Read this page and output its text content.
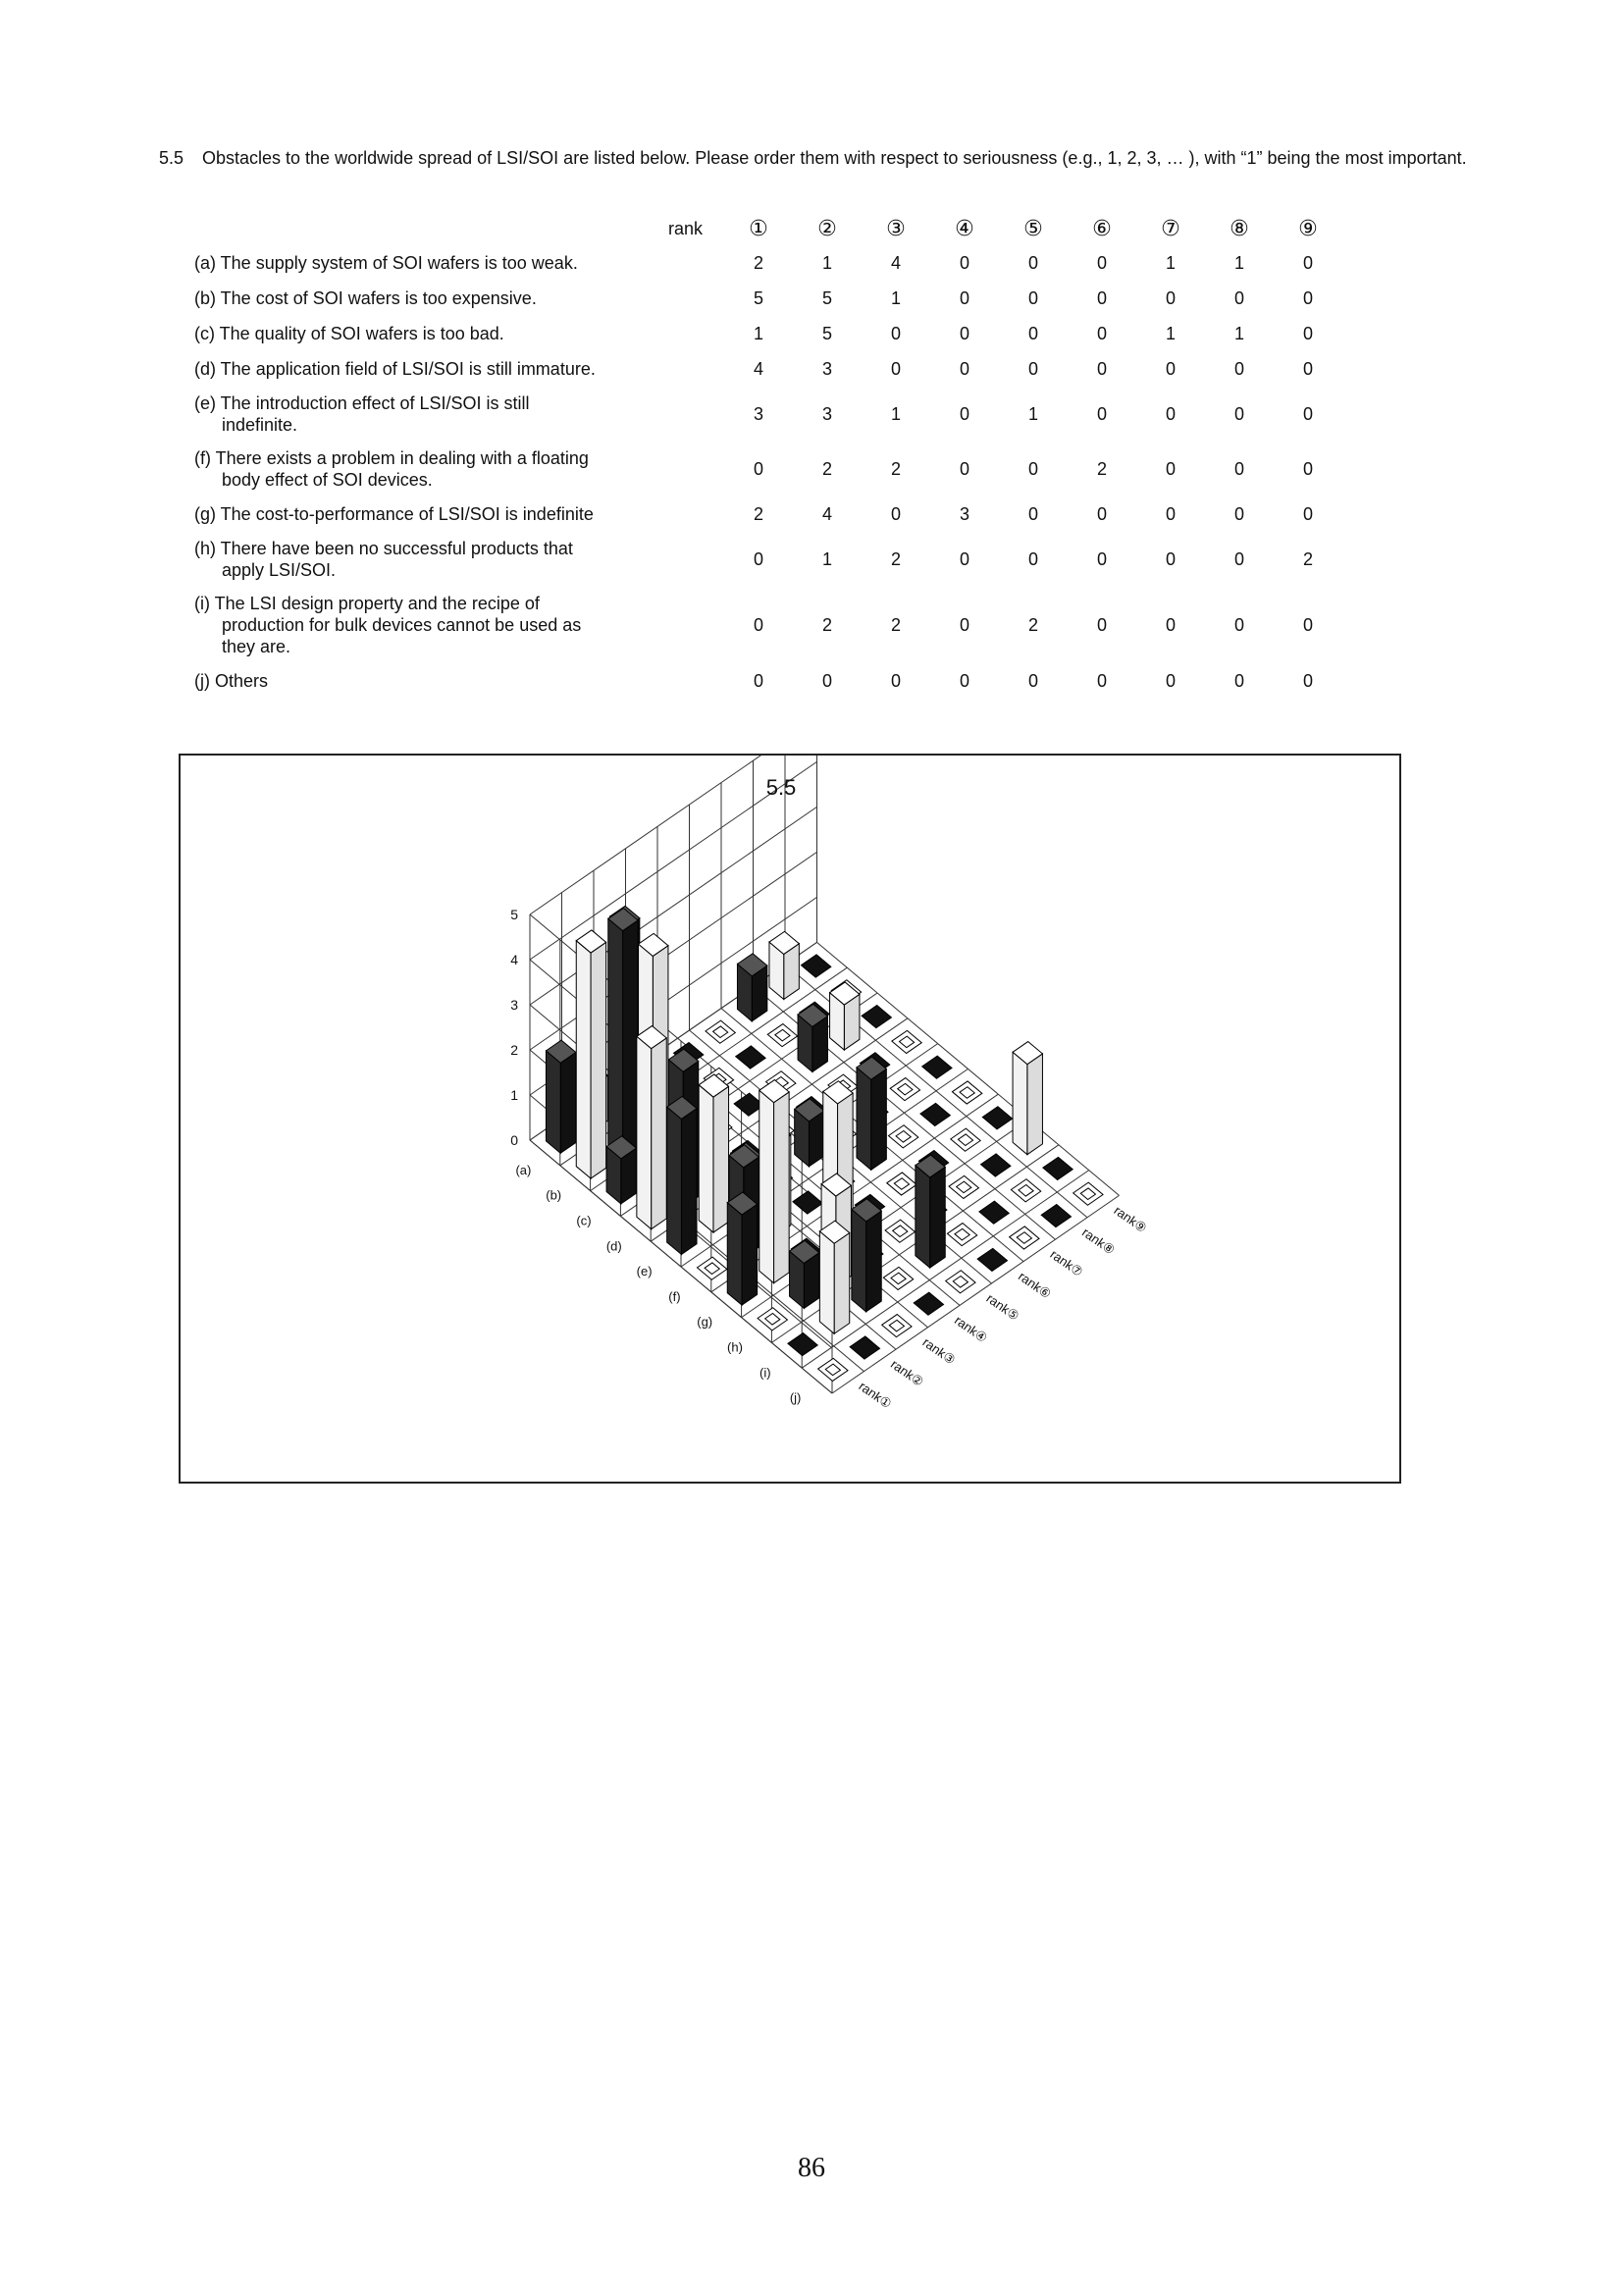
5.5 Obstacles to the worldwide spread of LSI/SOI are listed below. Please order them with respect to seriousness (e.g., 1, 2, 3, … ), with “1” being the most important.
rank	①	②	③	④	⑤	⑥	⑦	⑧	⑨

(a) The supply system of SOI wafers is too weak.	2	1	4	0	0	0	1	1	0

(b) The cost of SOI wafers is too expensive.	5	5	1	0	0	0	0	0	0

(c) The quality of SOI wafers is too bad.	1	5	0	0	0	0	1	1	0

(d) The application field of LSI/SOI is still immature.	4	3	0	0	0	0	0	0	0

(e) The introduction effect of LSI/SOI is still
indefinite.	3	3	1	0	1	0	0	0	0

(f) There exists a problem in dealing with a floating
body effect of SOI devices.	0	2	2	0	0	2	0	0	0

(g) The cost-to-performance of LSI/SOI is indefinite	2	4	0	3	0	0	0	0	0

(h) There have been no successful products that
apply LSI/SOI.	0	1	2	0	0	0	0	0	2

(i) The LSI design property and the recipe of
production for bulk devices cannot be used as
they are.	0	2	2	0	2	0	0	0	0

(j) Others	0	0	0	0	0	0	0	0	0
5.5
0
1
2
3
4
5
(a)
(b)
(c)
(d)
(e)
(f)
(g)
(h)
(i)
(j)	rank①
rank②
rank③
rank④
rank⑤
rank⑥
rank⑦
rank⑧
rank⑨
86
